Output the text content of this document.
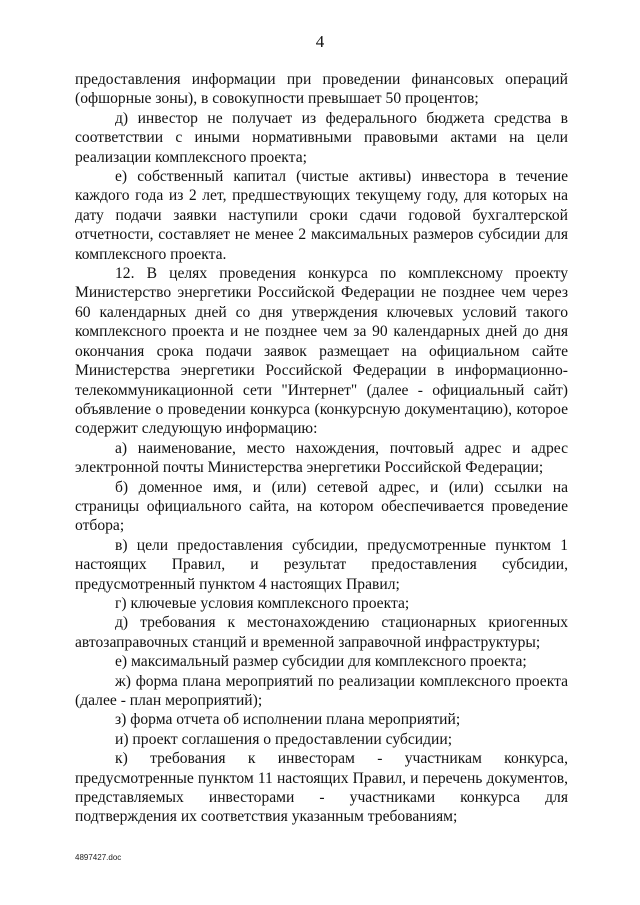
4

предоставления информации при проведении финансовых операций (офшорные зоны), в совокупности превышает 50 процентов;

д) инвестор не получает из федерального бюджета средства в соответствии с иными нормативными правовыми актами на цели реализации комплексного проекта;

е) собственный капитал (чистые активы) инвестора в течение каждого года из 2 лет, предшествующих текущему году, для которых на дату подачи заявки наступили сроки сдачи годовой бухгалтерской отчетности, составляет не менее 2 максимальных размеров субсидии для комплексного проекта.

12. В целях проведения конкурса по комплексному проекту Министерство энергетики Российской Федерации не позднее чем через 60 календарных дней со дня утверждения ключевых условий такого комплексного проекта и не позднее чем за 90 календарных дней до дня окончания срока подачи заявок размещает на официальном сайте Министерства энергетики Российской Федерации в информационно-телекоммуникационной сети "Интернет" (далее - официальный сайт) объявление о проведении конкурса (конкурсную документацию), которое содержит следующую информацию:

а) наименование, место нахождения, почтовый адрес и адрес электронной почты Министерства энергетики Российской Федерации;

б) доменное имя, и (или) сетевой адрес, и (или) ссылки на страницы официального сайта, на котором обеспечивается проведение отбора;

в) цели предоставления субсидии, предусмотренные пунктом 1 настоящих Правил, и результат предоставления субсидии, предусмотренный пунктом 4 настоящих Правил;

г) ключевые условия комплексного проекта;

д) требования к местонахождению стационарных криогенных автозаправочных станций и временной заправочной инфраструктуры;

е) максимальный размер субсидии для комплексного проекта;

ж) форма плана мероприятий по реализации комплексного проекта (далее - план мероприятий);

з) форма отчета об исполнении плана мероприятий;

и) проект соглашения о предоставлении субсидии;

к) требования к инвесторам - участникам конкурса, предусмотренные пунктом 11 настоящих Правил, и перечень документов, представляемых инвесторами - участниками конкурса для подтверждения их соответствия указанным требованиям;

4897427.doc
